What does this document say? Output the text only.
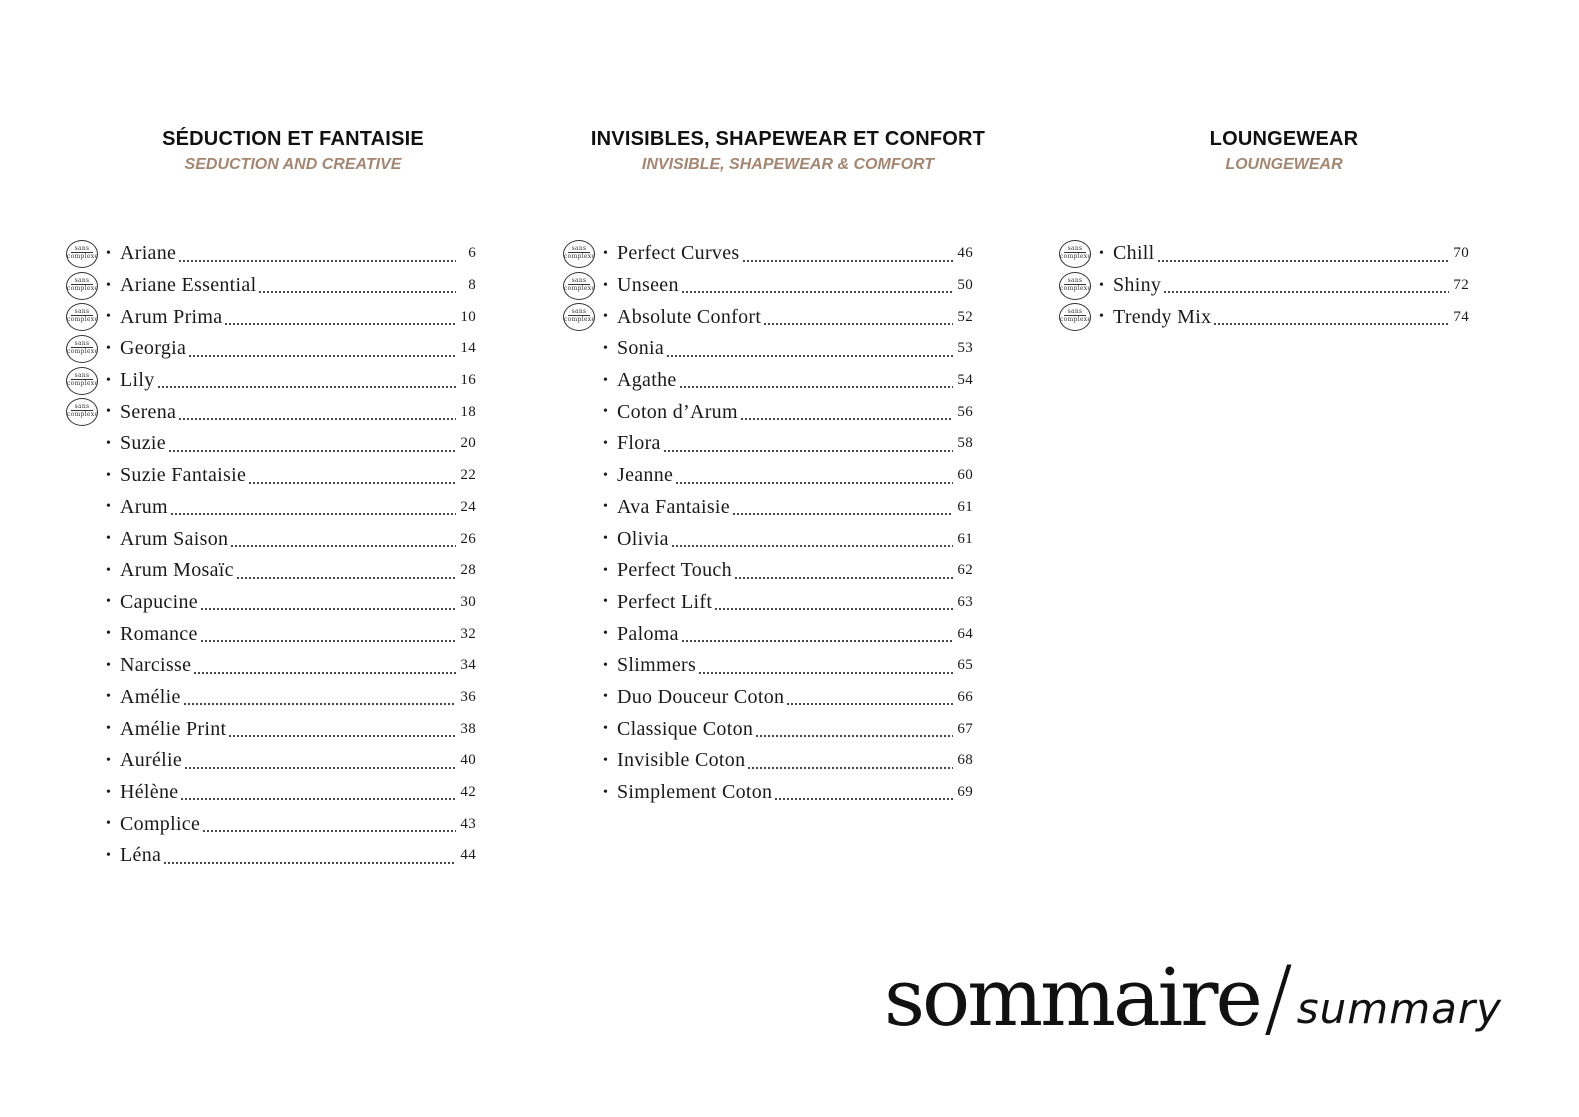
SÉDUCTION ET FANTAISIE
SEDUCTION AND CREATIVE
sans
complexe • Ariane	6
sans
complexe • Ariane Essential	8
sans
complexe • Arum Prima	10
sans
complexe • Georgia	14
sans
complexe • Lily	16
sans
complexe • Serena	18
• Suzie	20
• Suzie Fantaisie	22
• Arum	24
• Arum Saison	26
• Arum Mosaïc	28
• Capucine	30
• Romance	32
• Narcisse	34
• Amélie	36
• Amélie Print	38
• Aurélie	40
• Hélène	42
• Complice	43
• Léna	44
INVISIBLES, SHAPEWEAR ET CONFORT
INVISIBLE, SHAPEWEAR & COMFORT
sans
complexe • Perfect Curves	46
sans
complexe • Unseen	50
sans
complexe • Absolute Confort	52
• Sonia	53
• Agathe	54
• Coton d’Arum	56
• Flora	58
• Jeanne	60
• Ava Fantaisie	61
• Olivia	61
• Perfect Touch	62
• Perfect Lift	63
• Paloma	64
• Slimmers	65
• Duo Douceur Coton	66
• Classique Coton	67
• Invisible Coton	68
• Simplement Coton	69
LOUNGEWEAR
LOUNGEWEAR
sans
complexe • Chill	70
sans
complexe • Shiny	72
sans
complexe • Trendy Mix	74
sommaire / summary
